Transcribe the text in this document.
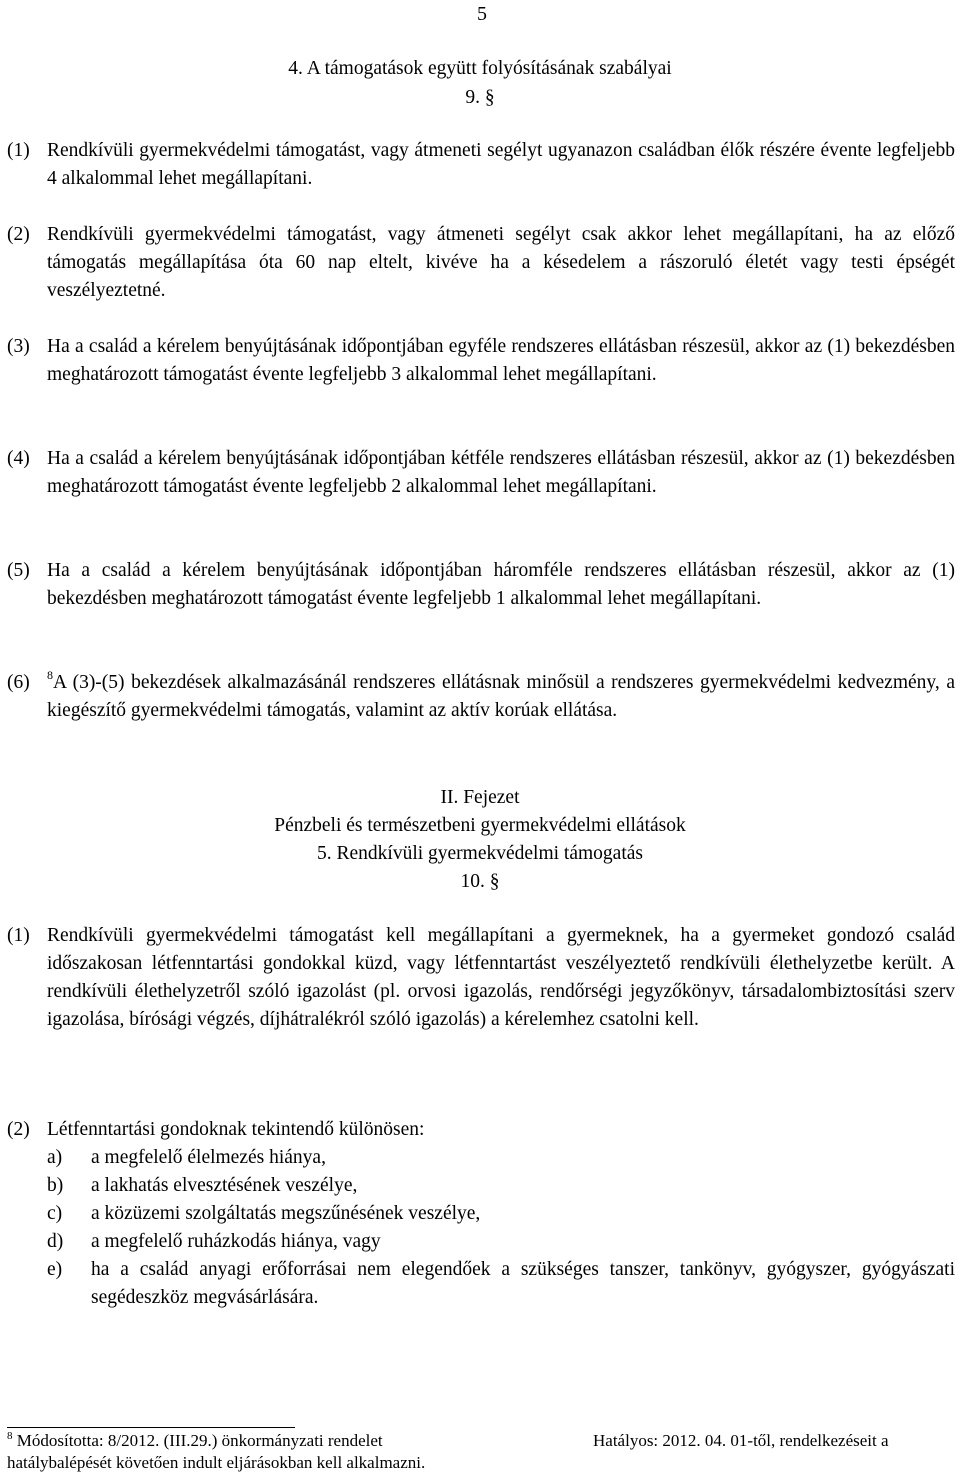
5
4. A támogatások együtt folyósításának szabályai
9. §
(1) Rendkívüli gyermekvédelmi támogatást, vagy átmeneti segélyt ugyanazon családban élők részére évente legfeljebb 4 alkalommal lehet megállapítani.
(2) Rendkívüli gyermekvédelmi támogatást, vagy átmeneti segélyt csak akkor lehet megállapítani, ha az előző támogatás megállapítása óta 60 nap eltelt, kivéve ha a késedelem a rászoruló életét vagy testi épségét veszélyeztetné.
(3) Ha a család a kérelem benyújtásának időpontjában egyféle rendszeres ellátásban részesül, akkor az (1) bekezdésben meghatározott támogatást évente legfeljebb 3 alkalommal lehet megállapítani.
(4) Ha a család a kérelem benyújtásának időpontjában kétféle rendszeres ellátásban részesül, akkor az (1) bekezdésben meghatározott támogatást évente legfeljebb 2 alkalommal lehet megállapítani.
(5) Ha a család a kérelem benyújtásának időpontjában háromféle rendszeres ellátásban részesül, akkor az (1) bekezdésben meghatározott támogatást évente legfeljebb 1 alkalommal lehet megállapítani.
(6) $^8$A (3)-(5) bekezdések alkalmazásánál rendszeres ellátásnak minősül a rendszeres gyermekvédelmi kedvezmény, a kiegészítő gyermekvédelmi támogatás, valamint az aktív korúak ellátása.
II. Fejezet
Pénzbeli és természetbeni gyermekvédelmi ellátások
5. Rendkívüli gyermekvédelmi támogatás
10. §
(1) Rendkívüli gyermekvédelmi támogatást kell megállapítani a gyermeknek, ha a gyermeket gondozó család időszakosan létfenntartási gondokkal küzd, vagy létfenntartást veszélyeztető rendkívüli élethelyzetbe került. A rendkívüli élethelyzetről szóló igazolást (pl. orvosi igazolás, rendőrségi jegyzőkönyv, társadalombiztosítási szerv igazolása, bírósági végzés, díjhátralékról szóló igazolás) a kérelemhez csatolni kell.
(2) Létfenntartási gondoknak tekintendő különösen:
a) a megfelelő élelmezés hiánya,
b) a lakhatás elvesztésének veszélye,
c) a közüzemi szolgáltatás megszűnésének veszélye,
d) a megfelelő ruházkodás hiánya, vagy
e) ha a család anyagi erőforrásai nem elegendőek a szükséges tanszer, tankönyv, gyógyszer, gyógyászati segédeszköz megvásárlására.
$^8$ Módosította: 8/2012. (III.29.) önkormányzati rendelet	Hatályos: 2012. 04. 01-től, rendelkezéseit a
hatálybalépését követően indult eljárásokban kell alkalmazni.
